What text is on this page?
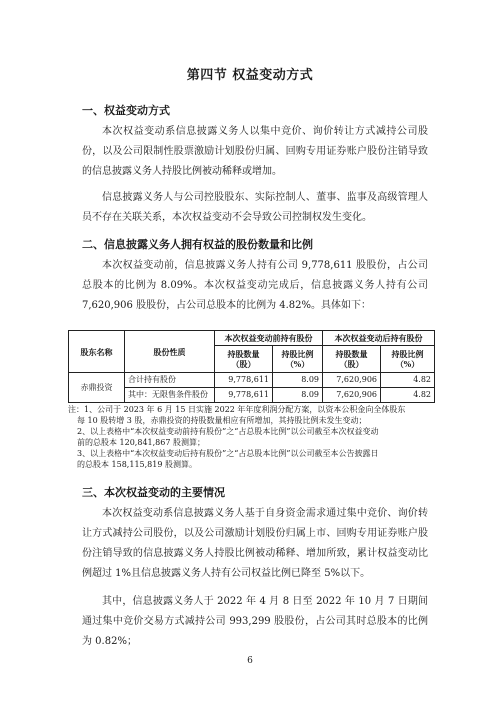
第四节 权益变动方式
一、权益变动方式

本次权益变动系信息披露义务人以集中竞价、询价转让方式减持公司股份，以及公司限制性股票激励计划股份归属、回购专用证券账户股份注销导致的信息披露义务人持股比例被动稀释或增加。

信息披露义务人与公司控股股东、实际控制人、董事、监事及高级管理人员不存在关联关系，本次权益变动不会导致公司控制权发生变化。

二、信息披露义务人拥有权益的股份数量和比例

本次权益变动前，信息披露义务人持有公司 9,778,611 股股份，占公司总股本的比例为 8.09%。本次权益变动完成后，信息披露义务人持有公司 7,620,906 股股份，占公司总股本的比例为 4.82%。具体如下：

股东名称	股份性质	本次权益变动前持有股份		本次权益变动后持有股份	
		持股数量（股）	持股比例（%）	持股数量（股）	持股比例（%）
赤鼎投资	合计持有股份	9,778,611	8.09	7,620,906	4.82
	其中：无限售条件股份	9,778,611	8.09	7,620,906	4.82
注：1、公司于 2023 年 6 月 15 日实施 2022 年年度利润分配方案，以资本公积金向全体股东
每 10 股转增 3 股，赤鼎投资的持股数量相应有所增加，其持股比例未发生变动；
2、以上表格中“本次权益变动前持有股份”之“占总股本比例”以公司截至本次权益变动
前的总股本 120,841,867 股测算；
3、以上表格中“本次权益变动后持有股份”之“占总股本比例”以公司截至本公告披露日
的总股本 158,115,819 股测算。
三、本次权益变动的主要情况

本次权益变动系信息披露义务人基于自身资金需求通过集中竞价、询价转让方式减持公司股份，以及公司激励计划股份归属上市、回购专用证券账户股份注销导致的信息披露义务人持股比例被动稀释、增加所致，累计权益变动比例超过 1%且信息披露义务人持有公司权益比例已降至 5%以下。

其中，信息披露义务人于 2022 年 4 月 8 日至 2022 年 10 月 7 日期间通过集中竞价交易方式减持公司 993,299 股股份，占公司其时总股本的比例为 0.82%；

6
